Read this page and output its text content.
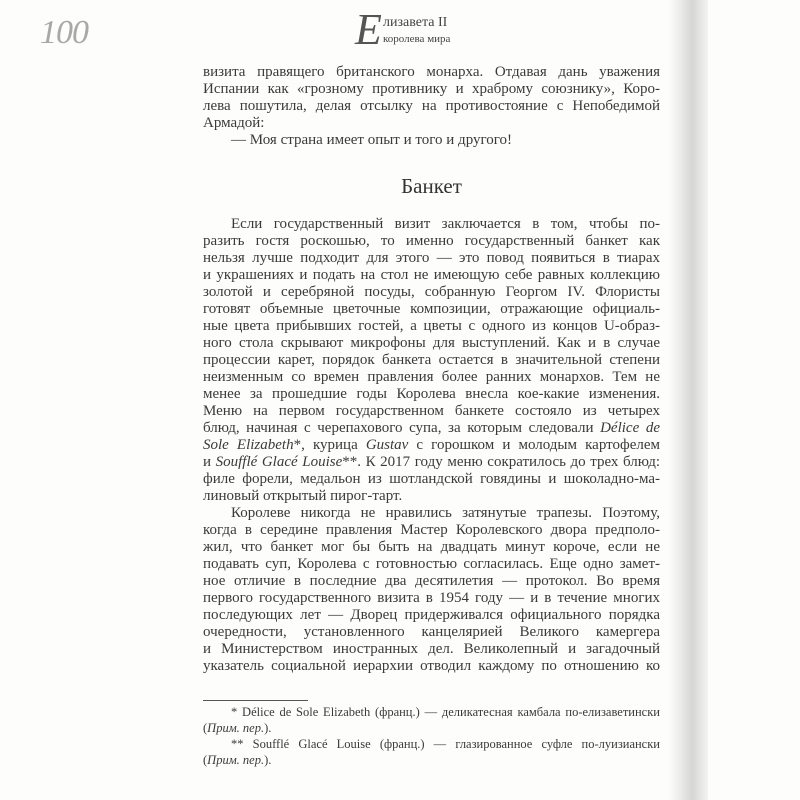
100	Е лизавета II
королева мира
визита правящего британского монарха. Отдавая дань уважения
Испании как «грозному противнику и храброму союзнику», Коро-
лева пошутила, делая отсылку на противостояние с Непобедимой
Армадой:
— Моя страна имеет опыт и того и другого!
Банкет
Если государственный визит заключается в том, чтобы по-
разить гостя роскошью, то именно государственный банкет как
нельзя лучше подходит для этого — это повод появиться в тиарах
и украшениях и подать на стол не имеющую себе равных коллекцию
золотой и серебряной посуды, собранную Георгом IV. Флористы
готовят объемные цветочные композиции, отражающие официаль-
ные цвета прибывших гостей, а цветы с одного из концов U-образ-
ного стола скрывают микрофоны для выступлений. Как и в случае
процессии карет, порядок банкета остается в значительной степени
неизменным со времен правления более ранних монархов. Тем не
менее за прошедшие годы Королева внесла кое-какие изменения.
Меню на первом государственном банкете состояло из четырех
блюд, начиная с черепахового супа, за которым следовали Délice de
Sole Elizabeth*, курица Gustav с горошком и молодым картофелем
и Soufflé Glacé Louise**. К 2017 году меню сократилось до трех блюд:
филе форели, медальон из шотландской говядины и шоколадно-ма-
линовый открытый пирог-тарт.
Королеве никогда не нравились затянутые трапезы. Поэтому,
когда в середине правления Мастер Королевского двора предполо-
жил, что банкет мог бы быть на двадцать минут короче, если не
подавать суп, Королева с готовностью согласилась. Еще одно замет-
ное отличие в последние два десятилетия — протокол. Во время
первого государственного визита в 1954 году — и в течение многих
последующих лет — Дворец придерживался официального порядка
очередности, установленного канцелярией Великого камергера
и Министерством иностранных дел. Великолепный и загадочный
указатель социальной иерархии отводил каждому по отношению ко
* Délice de Sole Elizabeth (франц.) — деликатесная камбала по-елизаветински
(Прим. пер.).
** Soufflé Glacé Louise (франц.) — глазированное суфле по-луизиански
(Прим. пер.).
